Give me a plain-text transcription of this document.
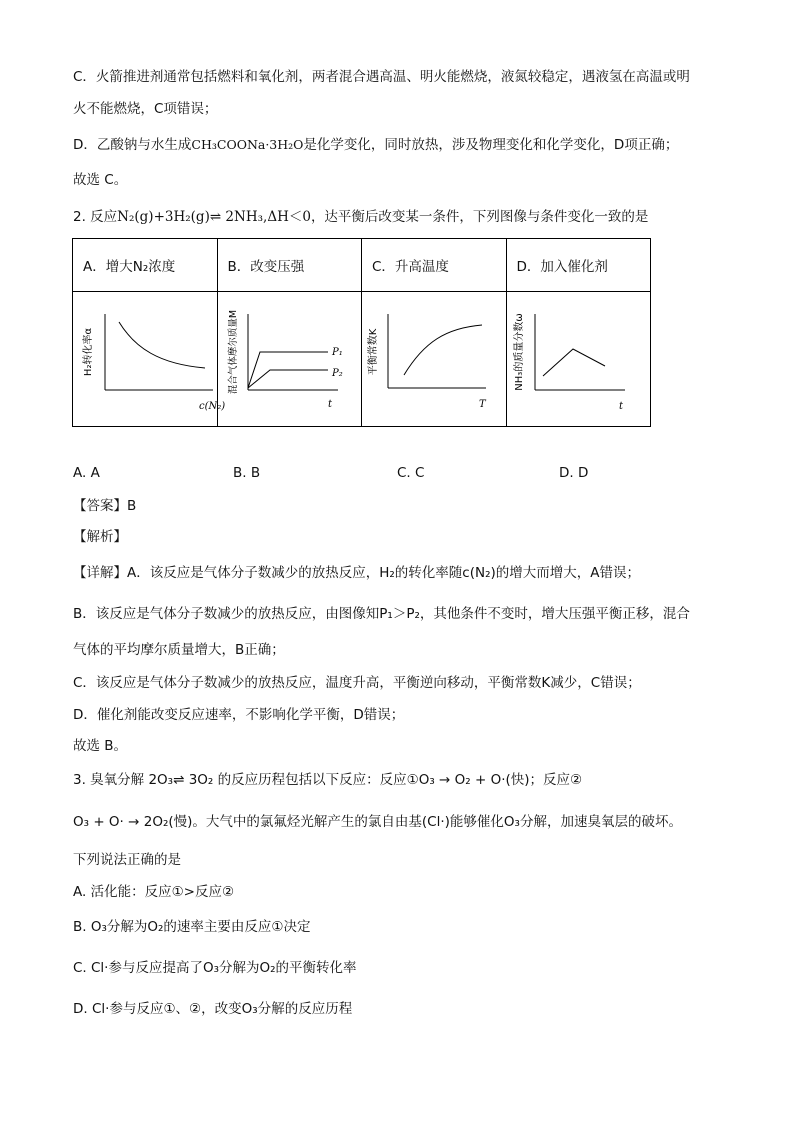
C．火箭推进剂通常包括燃料和氧化剂，两者混合遇高温、明火能燃烧，液氮较稳定，遇液氢在高温或明
火不能燃烧，C项错误；
D．乙酸钠与水生成CH₃COONa·3H₂O是化学变化，同时放热，涉及物理变化和化学变化，D项正确；
故选 C。
2. 反应N₂(g)+3H₂(g)⇌ 2NH₃,ΔH＜0，达平衡后改变某一条件，下列图像与条件变化一致的是
A．增大N₂浓度	B．改变压强	C．升高温度	D．加入催化剂

H₂转化率α
c(N₂)	P₁
P₂
混合气体摩尔质量M
t	平衡常数K
T	NH₃的质量分数ω
t
A. A	B. B	C. C	D. D
【答案】B
【解析】
【详解】A．该反应是气体分子数减少的放热反应，H₂的转化率随c(N₂)的增大而增大，A错误；
B．该反应是气体分子数减少的放热反应，由图像知P₁＞P₂，其他条件不变时，增大压强平衡正移，混合
气体的平均摩尔质量增大，B正确；
C．该反应是气体分子数减少的放热反应，温度升高，平衡逆向移动，平衡常数K减少，C错误；
D．催化剂能改变反应速率，不影响化学平衡，D错误；
故选 B。
3. 臭氧分解 2O₃⇌ 3O₂ 的反应历程包括以下反应：反应①O₃ → O₂ + O·(快)；反应②
O₃ + O· → 2O₂(慢)。大气中的氯氟烃光解产生的氯自由基(Cl·)能够催化O₃分解，加速臭氧层的破坏。
下列说法正确的是
A. 活化能：反应①>反应②
B. O₃分解为O₂的速率主要由反应①决定
C. Cl·参与反应提高了O₃分解为O₂的平衡转化率
D. Cl·参与反应①、②，改变O₃分解的反应历程
